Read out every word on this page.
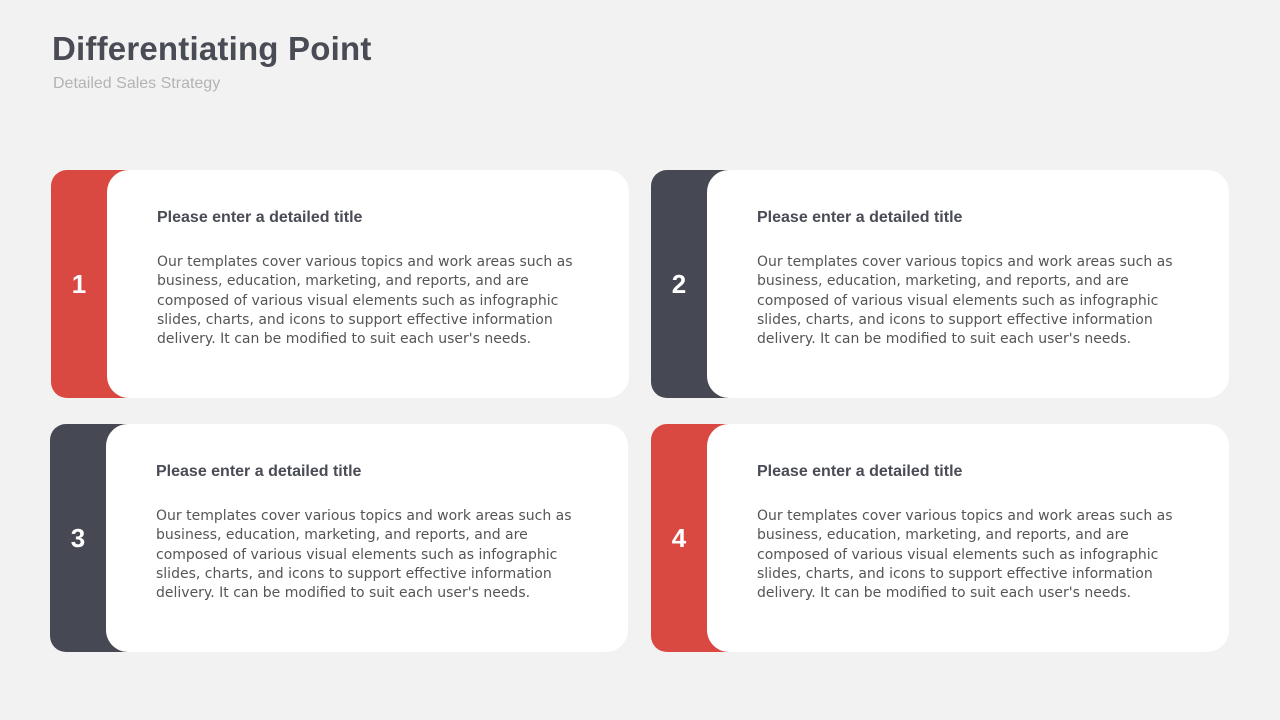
Differentiating Point
Detailed Sales Strategy
1
Please enter a detailed title
Our templates cover various topics and work areas such as business, education, marketing, and reports, and are composed of various visual elements such as infographic slides, charts, and icons to support effective information delivery. It can be modified to suit each user's needs.
2
Please enter a detailed title
Our templates cover various topics and work areas such as business, education, marketing, and reports, and are composed of various visual elements such as infographic slides, charts, and icons to support effective information delivery. It can be modified to suit each user's needs.
3
Please enter a detailed title
Our templates cover various topics and work areas such as business, education, marketing, and reports, and are composed of various visual elements such as infographic slides, charts, and icons to support effective information delivery. It can be modified to suit each user's needs.
4
Please enter a detailed title
Our templates cover various topics and work areas such as business, education, marketing, and reports, and are composed of various visual elements such as infographic slides, charts, and icons to support effective information delivery. It can be modified to suit each user's needs.
